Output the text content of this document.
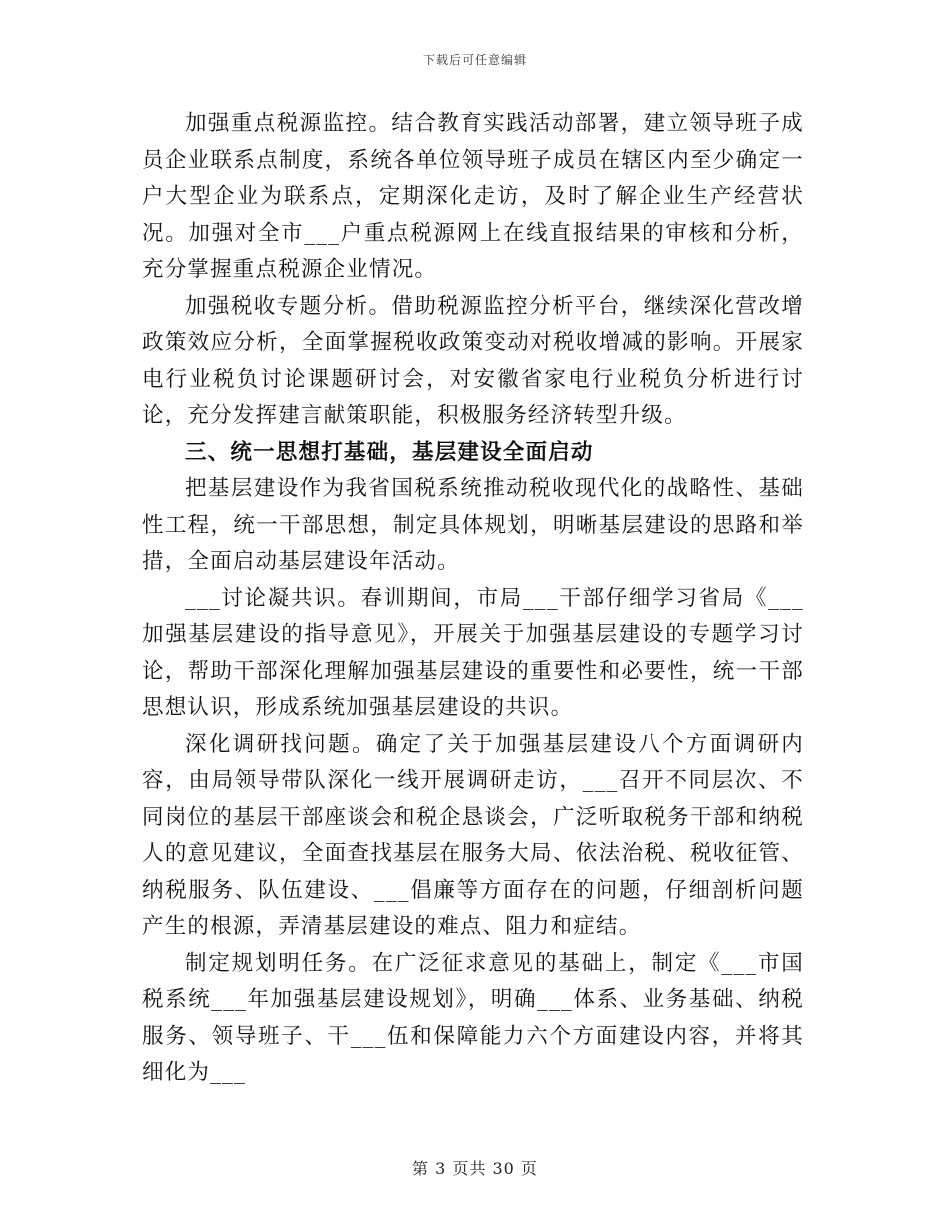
下载后可任意编辑

加强重点税源监控。结合教育实践活动部署，建立领导班子成员企业联系点制度，系统各单位领导班子成员在辖区内至少确定一户大型企业为联系点，定期深化走访，及时了解企业生产经营状况。加强对全市___户重点税源网上在线直报结果的审核和分析，充分掌握重点税源企业情况。

加强税收专题分析。借助税源监控分析平台，继续深化营改增政策效应分析，全面掌握税收政策变动对税收增减的影响。开展家电行业税负讨论课题研讨会，对安徽省家电行业税负分析进行讨论，充分发挥建言献策职能，积极服务经济转型升级。

三、统一思想打基础，基层建设全面启动

把基层建设作为我省国税系统推动税收现代化的战略性、基础性工程，统一干部思想，制定具体规划，明晰基层建设的思路和举措，全面启动基层建设年活动。

___讨论凝共识。春训期间，市局___干部仔细学习省局《___加强基层建设的指导意见》，开展关于加强基层建设的专题学习讨论，帮助干部深化理解加强基层建设的重要性和必要性，统一干部思想认识，形成系统加强基层建设的共识。

深化调研找问题。确定了关于加强基层建设八个方面调研内容，由局领导带队深化一线开展调研走访，___召开不同层次、不同岗位的基层干部座谈会和税企恳谈会，广泛听取税务干部和纳税人的意见建议，全面查找基层在服务大局、依法治税、税收征管、纳税服务、队伍建设、___倡廉等方面存在的问题，仔细剖析问题产生的根源，弄清基层建设的难点、阻力和症结。

制定规划明任务。在广泛征求意见的基础上，制定《___市国税系统___年加强基层建设规划》，明确___体系、业务基础、纳税服务、领导班子、干___伍和保障能力六个方面建设内容，并将其细化为___

第 3 页共 30 页
